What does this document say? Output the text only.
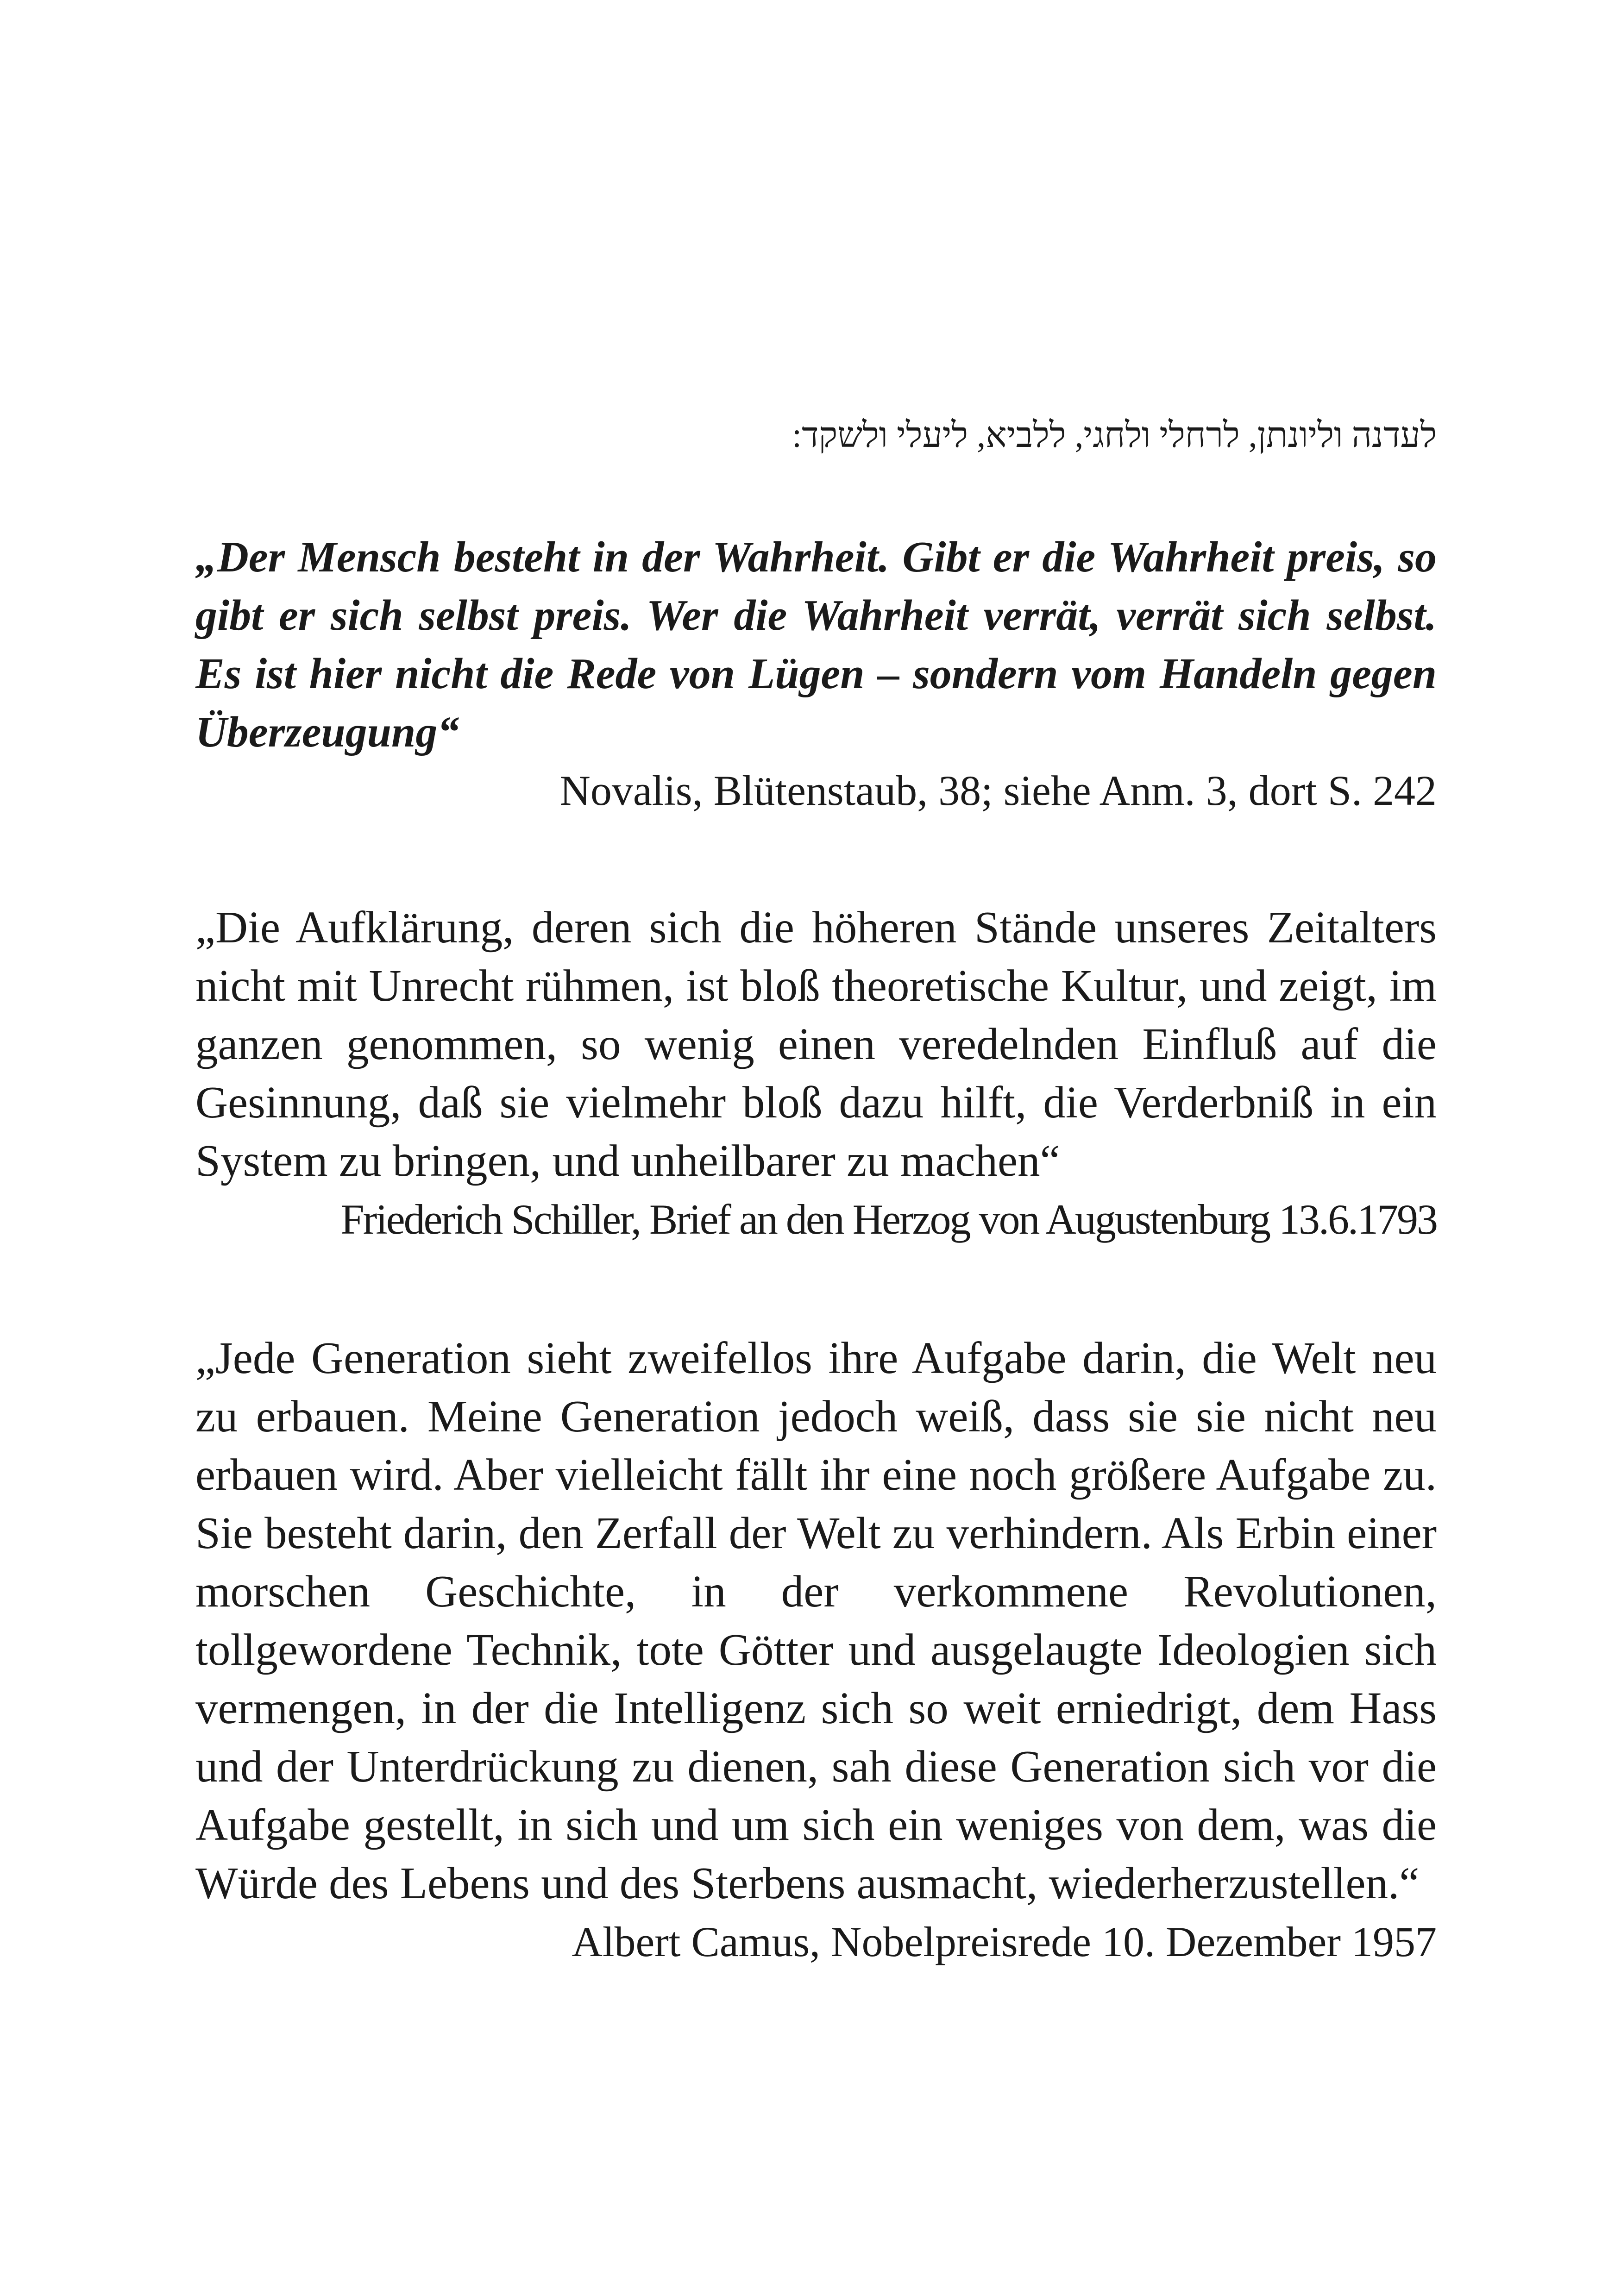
לעדנה וליונתן, לרחלי ולחגי, ללביא, ליעלי ולשקד:

„Der Mensch besteht in der Wahrheit. Gibt er die Wahrheit preis, so gibt er sich selbst preis. Wer die Wahrheit verrät, verrät sich selbst. Es ist hier nicht die Rede von Lügen – sondern vom Handeln gegen Überzeugung“

Novalis, Blütenstaub, 38; siehe Anm. 3, dort S. 242

„Die Aufklärung, deren sich die höheren Stände unseres Zeitalters nicht mit Unrecht rühmen, ist bloß theoretische Kultur, und zeigt, im ganzen genommen, so wenig einen veredelnden Einfluß auf die Gesinnung, daß sie vielmehr bloß dazu hilft, die Verderbniß in ein System zu bringen, und unheilbarer zu machen“

Friederich Schiller, Brief an den Herzog von Augustenburg 13.6.1793

„Jede Generation sieht zweifellos ihre Aufgabe darin, die Welt neu zu erbauen. Meine Generation jedoch weiß, dass sie sie nicht neu erbauen wird. Aber vielleicht fällt ihr eine noch größere Aufgabe zu. Sie besteht darin, den Zerfall der Welt zu verhindern. Als Erbin einer morschen Geschichte, in der verkommene Revolutionen, tollgewordene Technik, tote Götter und ausgelaugte Ideologien sich vermengen, in der die Intelligenz sich so weit erniedrigt, dem Hass und der Unterdrückung zu dienen, sah diese Generation sich vor die Aufgabe gestellt, in sich und um sich ein weniges von dem, was die Würde des Lebens und des Sterbens ausmacht, wiederherzustellen.“

Albert Camus, Nobelpreisrede 10. Dezember 1957
